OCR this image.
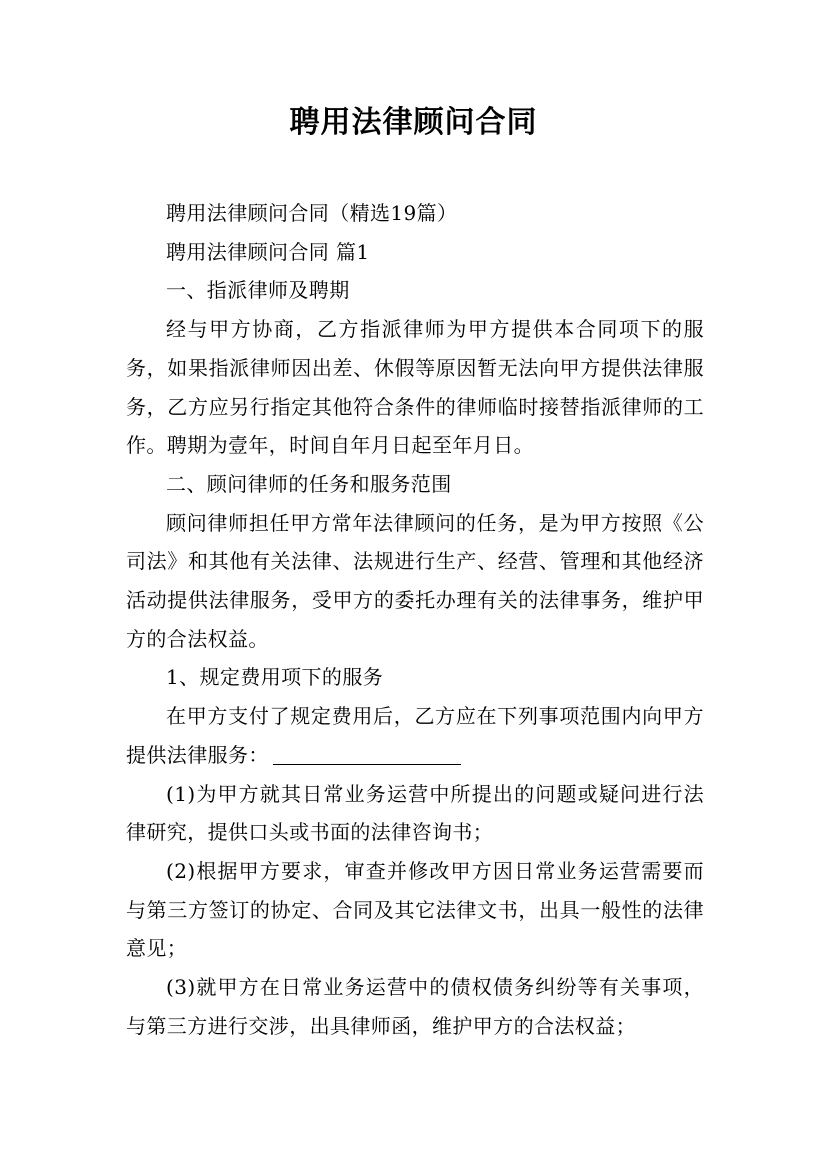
聘用法律顾问合同

聘用法律顾问合同（精选19篇）

聘用法律顾问合同 篇1

一、指派律师及聘期

经与甲方协商，乙方指派律师为甲方提供本合同项下的服务，如果指派律师因出差、休假等原因暂无法向甲方提供法律服务，乙方应另行指定其他符合条件的律师临时接替指派律师的工作。聘期为壹年，时间自年月日起至年月日。

二、顾问律师的任务和服务范围

顾问律师担任甲方常年法律顾问的任务，是为甲方按照《公司法》和其他有关法律、法规进行生产、经营、管理和其他经济活动提供法律服务，受甲方的委托办理有关的法律事务，维护甲方的合法权益。

1、规定费用项下的服务

在甲方支付了规定费用后，乙方应在下列事项范围内向甲方提供法律服务：

(1)为甲方就其日常业务运营中所提出的问题或疑问进行法律研究，提供口头或书面的法律咨询书；

(2)根据甲方要求，审查并修改甲方因日常业务运营需要而与第三方签订的协定、合同及其它法律文书，出具一般性的法律意见；

(3)就甲方在日常业务运营中的债权债务纠纷等有关事项，与第三方进行交涉，出具律师函，维护甲方的合法权益；
